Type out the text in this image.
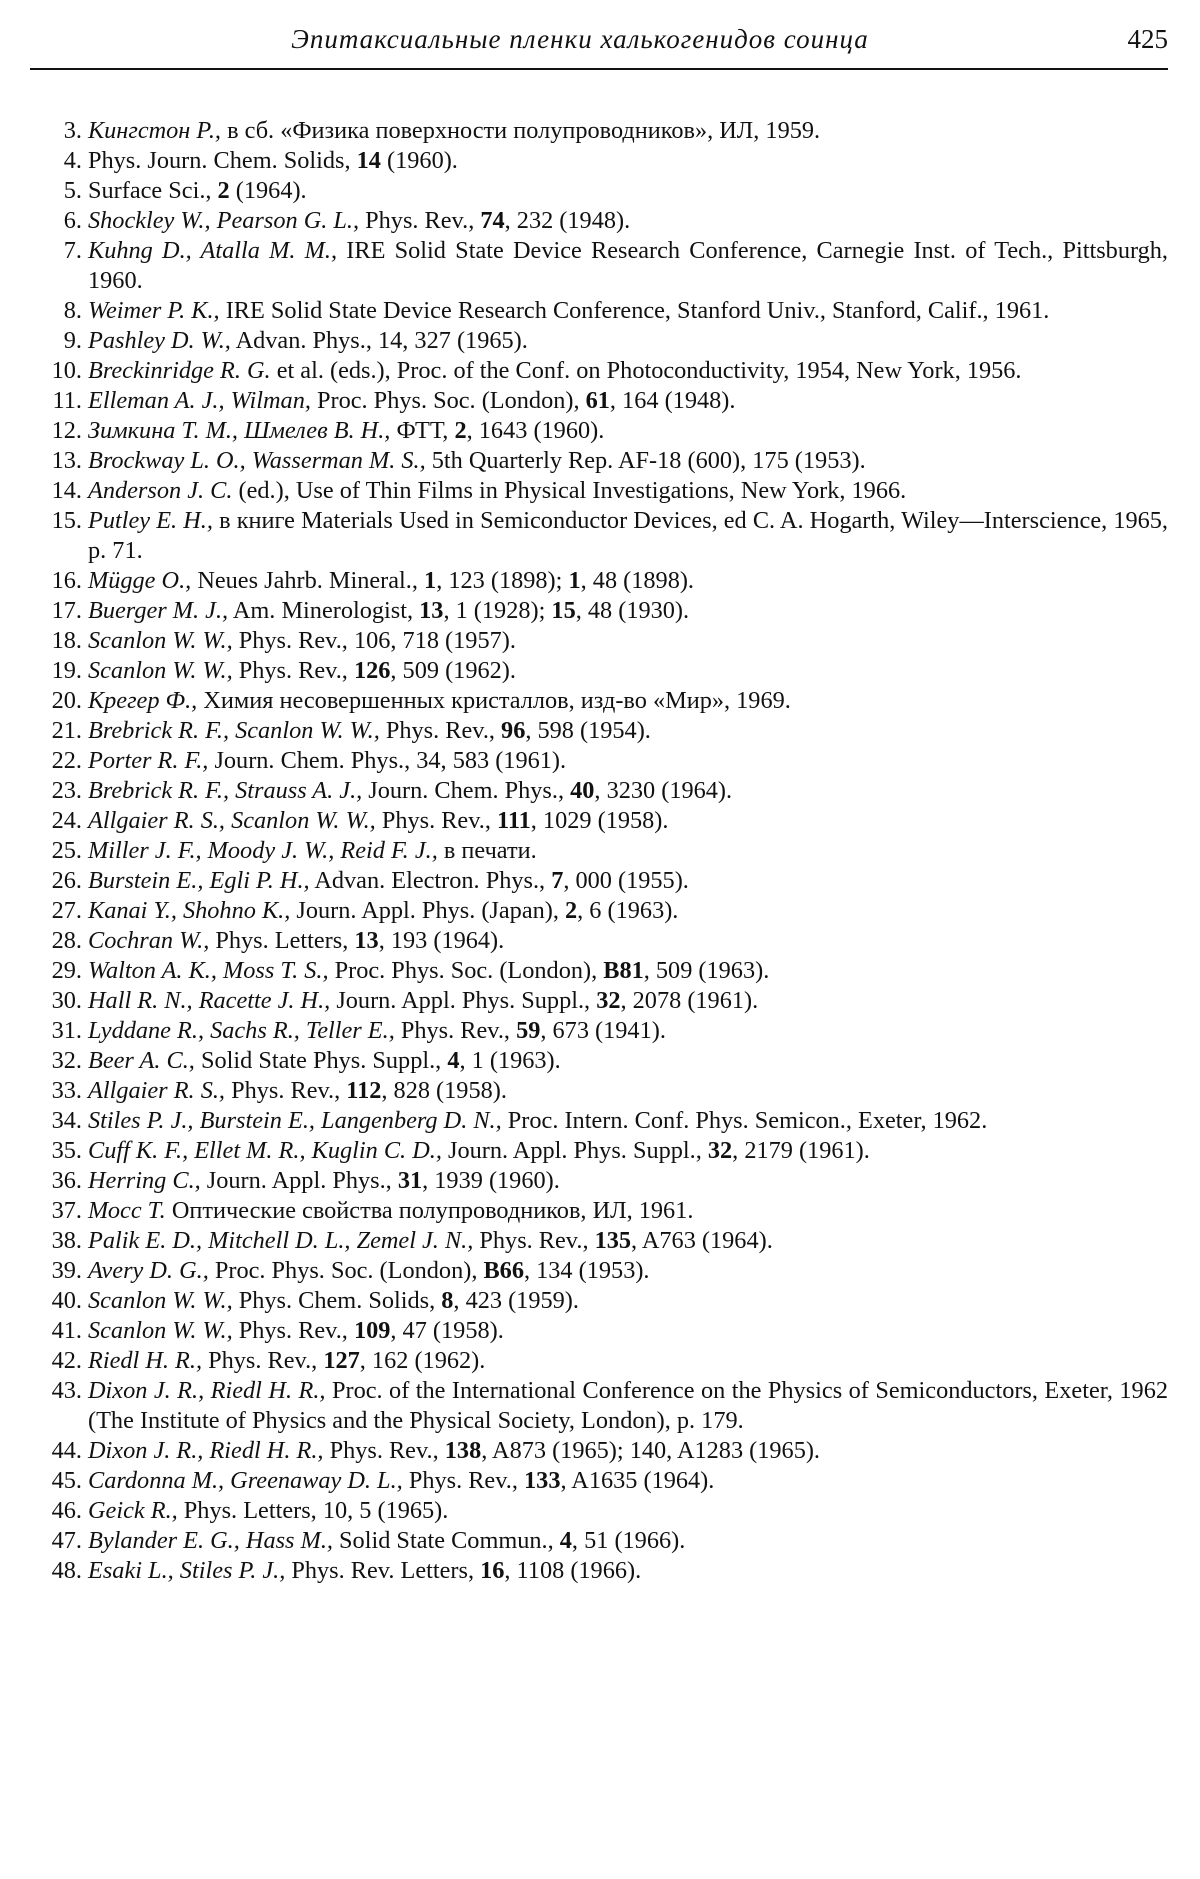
Эпитаксиальные пленки халькогенидов соинца	425
3. Кингстон Р., в сб. «Физика поверхности полупроводников», ИЛ, 1959.
4. Phys. Journ. Chem. Solids, 14 (1960).
5. Surface Sci., 2 (1964).
6. Shockley W., Pearson G. L., Phys. Rev., 74, 232 (1948).
7. Kuhng D., Atalla M. M., IRE Solid State Device Research Conference, Carnegie Inst. of Tech., Pittsburgh, 1960.
8. Weimer P. K., IRE Solid State Device Research Conference, Stanford Univ., Stanford, Calif., 1961.
9. Pashley D. W., Advan. Phys., 14, 327 (1965).
10. Breckinridge R. G. et al. (eds.), Proc. of the Conf. on Photoconductivity, 1954, New York, 1956.
11. Elleman A. J., Wilman, Proc. Phys. Soc. (London), 61, 164 (1948).
12. Зимкина Т. М., Шмелев В. Н., ФТТ, 2, 1643 (1960).
13. Brockway L. O., Wasserman M. S., 5th Quarterly Rep. AF-18 (600), 175 (1953).
14. Anderson J. C. (ed.), Use of Thin Films in Physical Investigations, New York, 1966.
15. Putley E. H., в книге Materials Used in Semiconductor Devices, ed C. A. Hogarth, Wiley—Interscience, 1965, p. 71.
16. Mügge O., Neues Jahrb. Mineral., 1, 123 (1898); 1, 48 (1898).
17. Buerger M. J., Am. Minerologist, 13, 1 (1928); 15, 48 (1930).
18. Scanlon W. W., Phys. Rev., 106, 718 (1957).
19. Scanlon W. W., Phys. Rev., 126, 509 (1962).
20. Крегер Ф., Химия несовершенных кристаллов, изд-во «Мир», 1969.
21. Brebrick R. F., Scanlon W. W., Phys. Rev., 96, 598 (1954).
22. Porter R. F., Journ. Chem. Phys., 34, 583 (1961).
23. Brebrick R. F., Strauss A. J., Journ. Chem. Phys., 40, 3230 (1964).
24. Allgaier R. S., Scanlon W. W., Phys. Rev., 111, 1029 (1958).
25. Miller J. F., Moody J. W., Reid F. J., в печати.
26. Burstein E., Egli P. H., Advan. Electron. Phys., 7, 000 (1955).
27. Kanai Y., Shohno K., Journ. Appl. Phys. (Japan), 2, 6 (1963).
28. Cochran W., Phys. Letters, 13, 193 (1964).
29. Walton A. K., Moss T. S., Proc. Phys. Soc. (London), B81, 509 (1963).
30. Hall R. N., Racette J. H., Journ. Appl. Phys. Suppl., 32, 2078 (1961).
31. Lyddane R., Sachs R., Teller E., Phys. Rev., 59, 673 (1941).
32. Beer A. C., Solid State Phys. Suppl., 4, 1 (1963).
33. Allgaier R. S., Phys. Rev., 112, 828 (1958).
34. Stiles P. J., Burstein E., Langenberg D. N., Proc. Intern. Conf. Phys. Semicon., Exeter, 1962.
35. Cuff K. F., Ellet M. R., Kuglin C. D., Journ. Appl. Phys. Suppl., 32, 2179 (1961).
36. Herring C., Journ. Appl. Phys., 31, 1939 (1960).
37. Мосс Т. Оптические свойства полупроводников, ИЛ, 1961.
38. Palik E. D., Mitchell D. L., Zemel J. N., Phys. Rev., 135, A763 (1964).
39. Avery D. G., Proc. Phys. Soc. (London), B66, 134 (1953).
40. Scanlon W. W., Phys. Chem. Solids, 8, 423 (1959).
41. Scanlon W. W., Phys. Rev., 109, 47 (1958).
42. Riedl H. R., Phys. Rev., 127, 162 (1962).
43. Dixon J. R., Riedl H. R., Proc. of the International Conference on the Physics of Semiconductors, Exeter, 1962 (The Institute of Physics and the Physical Society, London), p. 179.
44. Dixon J. R., Riedl H. R., Phys. Rev., 138, A873 (1965); 140, A1283 (1965).
45. Cardonna M., Greenaway D. L., Phys. Rev., 133, A1635 (1964).
46. Geick R., Phys. Letters, 10, 5 (1965).
47. Bylander E. G., Hass M., Solid State Commun., 4, 51 (1966).
48. Esaki L., Stiles P. J., Phys. Rev. Letters, 16, 1108 (1966).
